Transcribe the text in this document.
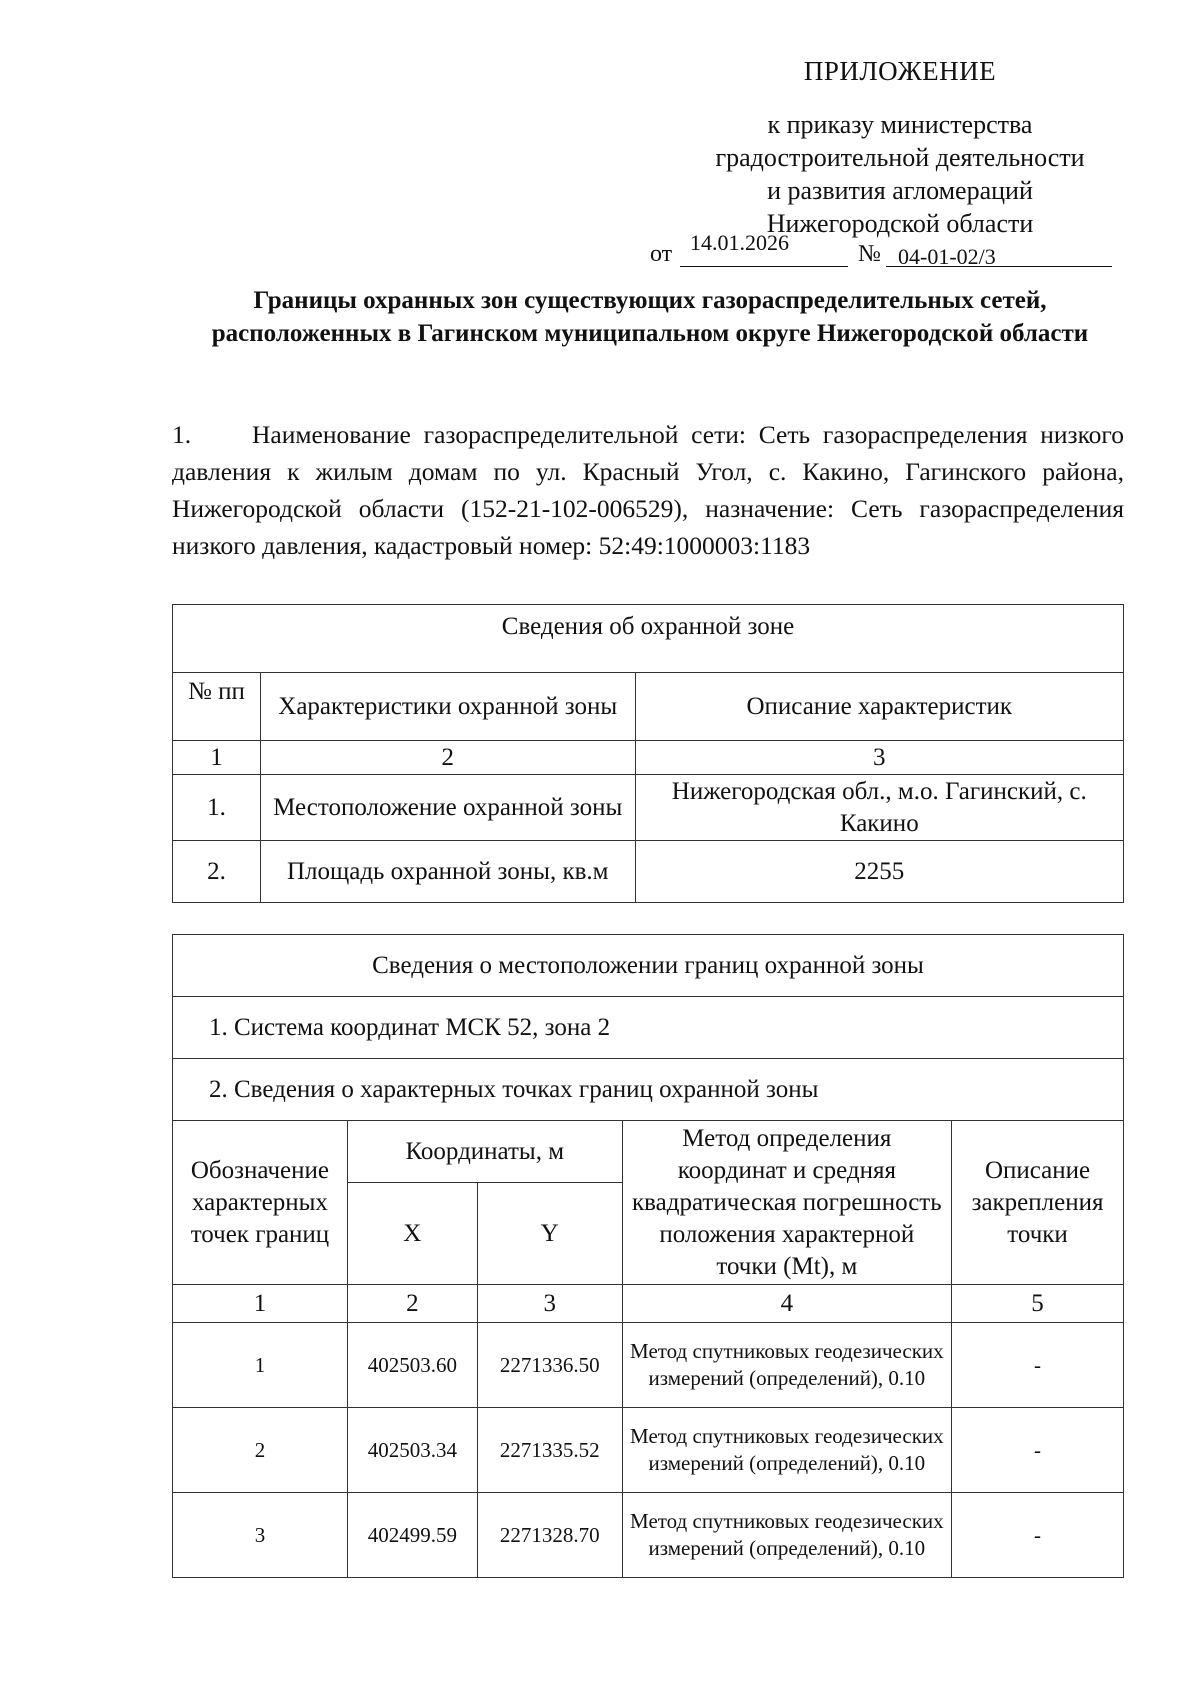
ПРИЛОЖЕНИЕ
к приказу министерства
градостроительной деятельности
и развития агломераций
Нижегородской области
от 14.01.2026	№ 04-01-02/3
Границы охранных зон существующих газораспределительных сетей, расположенных в Гагинском муниципальном округе Нижегородской области
1. Наименование газораспределительной сети: Сеть газораспределения низкого давления к жилым домам по ул. Красный Угол, с. Какино, Гагинского района, Нижегородской области (152-21-102-006529), назначение: Сеть газораспределения низкого давления, кадастровый номер: 52:49:1000003:1183
Сведения об охранной зоне		
№ пп	Характеристики охранной зоны	Описание характеристик
1	2	3
1.	Местоположение охранной зоны	Нижегородская обл., м.о. Гагинский, с. Какино
2.	Площадь охранной зоны, кв.м	2255
Сведения о местоположении границ охранной зоны				
1. Система координат МСК 52, зона 2				
2. Сведения о характерных точках границ охранной зоны				
Обозначение характерных точек границ	Координаты, м		Метод определения координат и средняя квадратическая погрешность положения характерной точки (Mt), м	Описание закрепления точки
	X	Y		
1	2	3	4	5
1	402503.60	2271336.50	Метод спутниковых геодезических измерений (определений), 0.10	-
2	402503.34	2271335.52	Метод спутниковых геодезических измерений (определений), 0.10	-
3	402499.59	2271328.70	Метод спутниковых геодезических измерений (определений), 0.10	-
